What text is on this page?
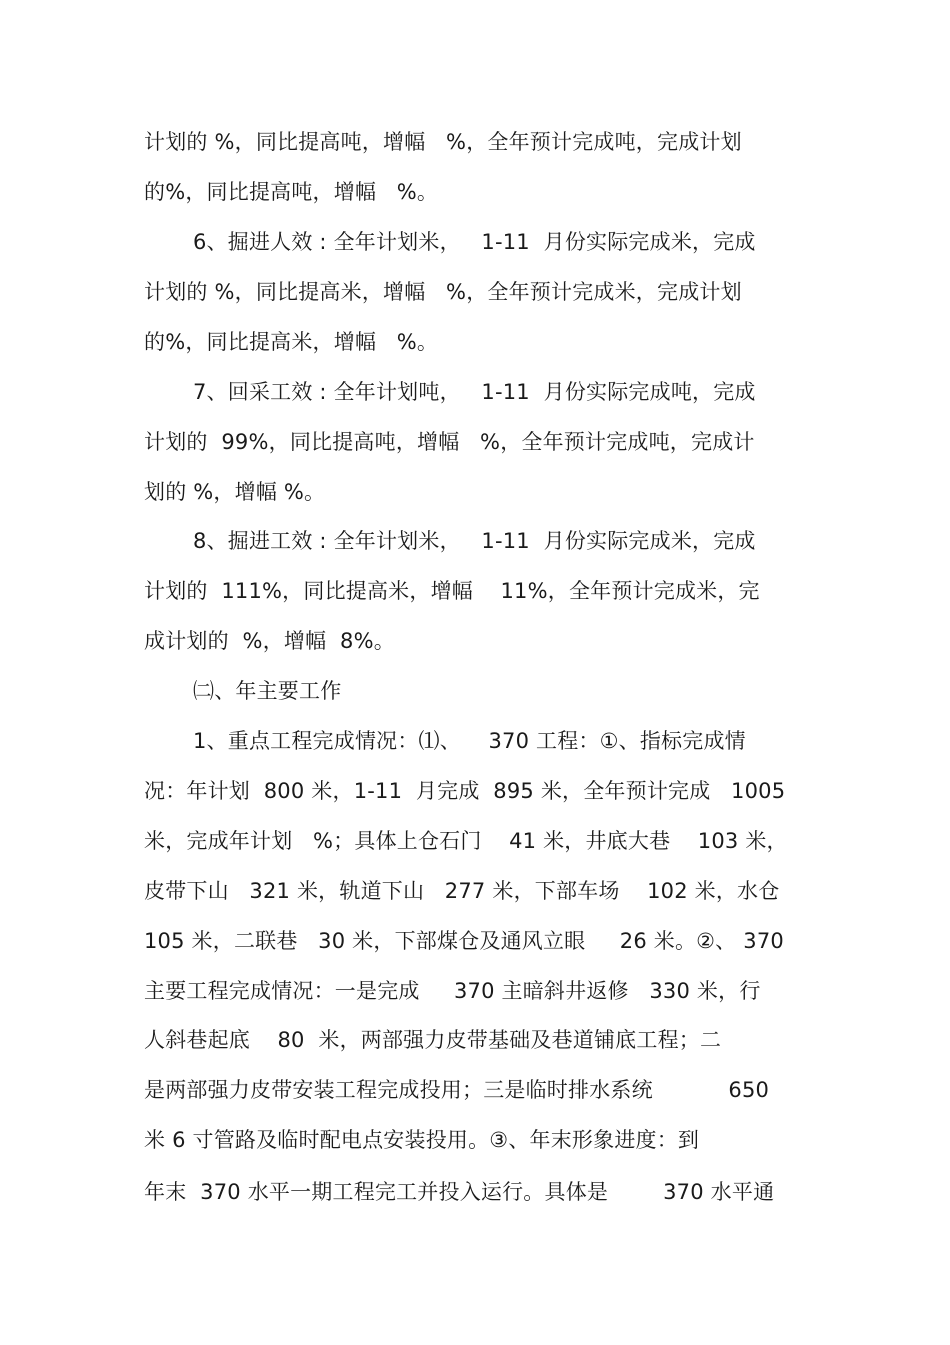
计划的 %，同比提高吨，增幅   %，全年预计完成吨，完成计划
的%，同比提高吨，增幅   %。
6、掘进人效 : 全年计划米，   1-11  月份实际完成米，完成
计划的 %，同比提高米，增幅   %，全年预计完成米，完成计划
的%，同比提高米，增幅   %。
7、回采工效 : 全年计划吨，   1-11  月份实际完成吨，完成
计划的  99%，同比提高吨，增幅   %，全年预计完成吨，完成计
划的 %，增幅 %。
8、掘进工效 : 全年计划米，   1-11  月份实际完成米，完成
计划的  111%，同比提高米，增幅    11%，全年预计完成米，完
成计划的  %，增幅  8%。
㈡、年主要工作
1、重点工程完成情况：⑴、    370 工程：①、指标完成情
况：年计划  800 米，1-11  月完成  895 米，全年预计完成   1005
米，完成年计划   %；具体上仓石门    41 米，井底大巷    103 米，
皮带下山   321 米，轨道下山   277 米，下部车场    102 米，水仓
105 米，二联巷   30 米，下部煤仓及通风立眼     26 米。②、 370
主要工程完成情况：一是完成     370 主暗斜井返修   330 米，行
人斜巷起底    80  米，两部强力皮带基础及巷道铺底工程；二
是两部强力皮带安装工程完成投用；三是临时排水系统           650
米 6 寸管路及临时配电点安装投用。③、年末形象进度：到
年末  370 水平一期工程完工并投入运行。具体是        370 水平通
